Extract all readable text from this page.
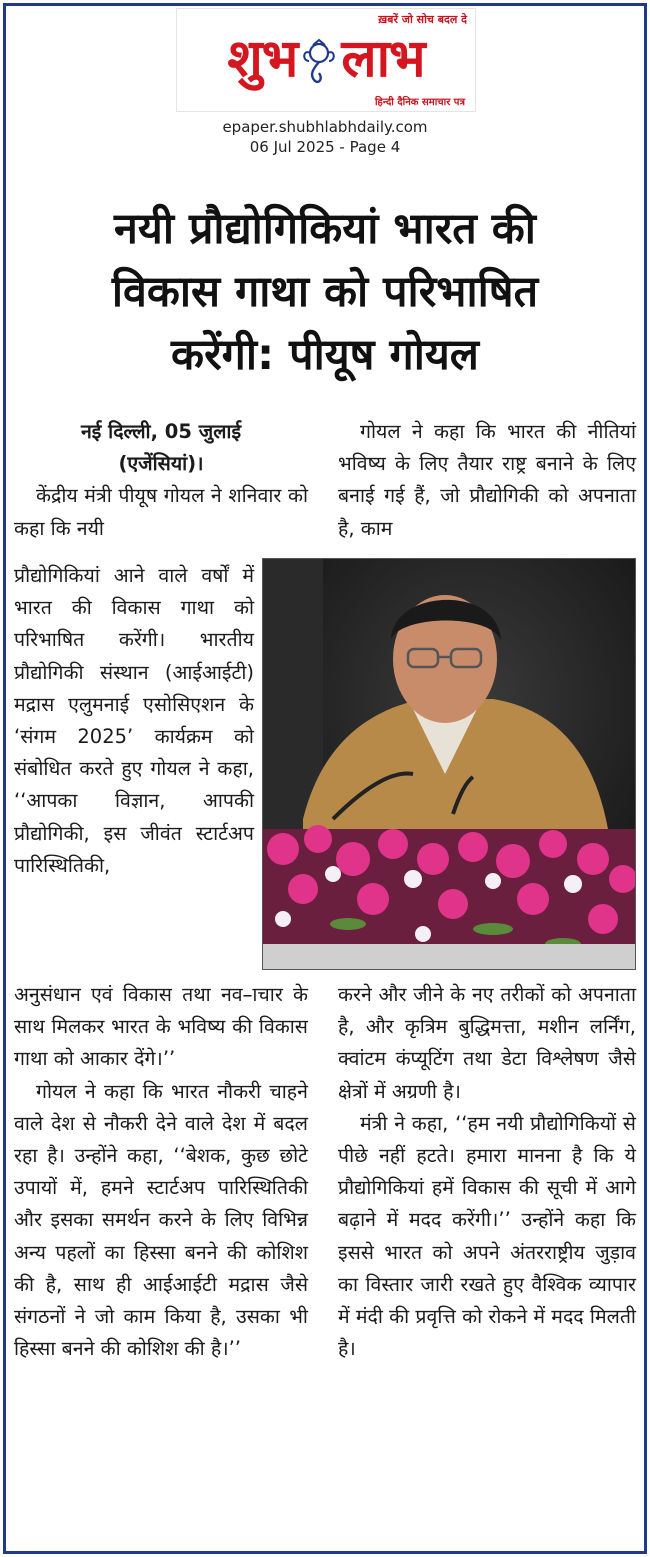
ख़बरें जो सोच बदल दे
शुभ लाभ
हिन्दी दैनिक समाचार पत्र
epaper.shubhlabhdaily.com
06 Jul 2025 - Page 4
नयी प्रौद्योगिकियां भारत की
विकास गाथा को परिभाषित
करेंगी: पीयूष गोयल
नई दिल्ली, 05 जुलाई
(एजेंसियां)।

केंद्रीय मंत्री पीयूष गोयल ने शनिवार को कहा कि नयी

प्रौद्योगिकियां आने वाले वर्षों में भारत की विकास गाथा को परिभाषित करेंगी। भारतीय प्रौद्योगिकी संस्थान (आईआईटी) मद्रास एलुमनाई एसोसिएशन के ‘संगम 2025’ कार्यक्रम को संबोधित करते हुए गोयल ने कहा, ‘‘आपका विज्ञान, आपकी प्रौद्योगिकी, इस जीवंत स्टार्टअप पारिस्थितिकी,

अनुसंधान एवं विकास तथा नव–ाचार के साथ मिलकर भारत के भविष्य की विकास गाथा को आकार देंगे।’’

गोयल ने कहा कि भारत नौकरी चाहने वाले देश से नौकरी देने वाले देश में बदल रहा है। उन्होंने कहा, ‘‘बेशक, कुछ छोटे उपायों में, हमने स्टार्टअप पारिस्थितिकी और इसका समर्थन करने के लिए विभिन्न अन्य पहलों का हिस्सा बनने की कोशिश की है, साथ ही आईआईटी मद्रास जैसे संगठनों ने जो काम किया है, उसका भी हिस्सा बनने की कोशिश की है।’’

गोयल ने कहा कि भारत की नीतियां भविष्य के लिए तैयार राष्ट्र बनाने के लिए बनाई गई हैं, जो प्रौद्योगिकी को अपनाता है, काम

करने और जीने के नए तरीकों को अपनाता है, और कृत्रिम बुद्धिमत्ता, मशीन लर्निंग, क्वांटम कंप्यूटिंग तथा डेटा विश्लेषण जैसे क्षेत्रों में अग्रणी है।

मंत्री ने कहा, ‘‘हम नयी प्रौद्योगिकियों से पीछे नहीं हटते। हमारा मानना है कि ये प्रौद्योगिकियां हमें विकास की सूची में आगे बढ़ाने में मदद करेंगी।’’ उन्होंने कहा कि इससे भारत को अपने अंतरराष्ट्रीय जुड़ाव का विस्तार जारी रखते हुए वैश्विक व्यापार में मंदी की प्रवृत्ति को रोकने में मदद मिलती है।
